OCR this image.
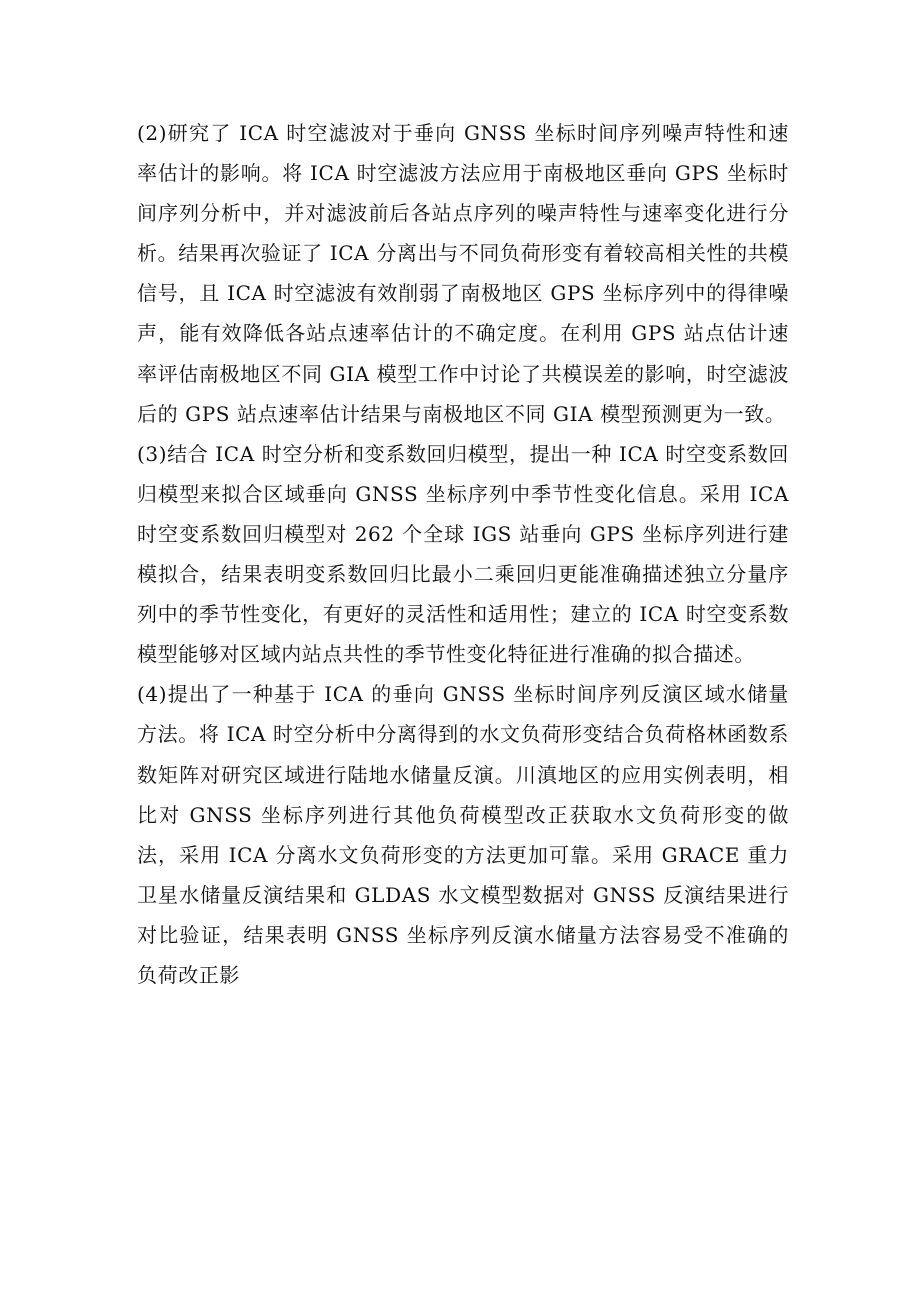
(2)研究了 ICA 时空滤波对于垂向 GNSS 坐标时间序列噪声特性和速率估计的影响。将 ICA 时空滤波方法应用于南极地区垂向 GPS 坐标时间序列分析中，并对滤波前后各站点序列的噪声特性与速率变化进行分析。结果再次验证了 ICA 分离出与不同负荷形变有着较高相关性的共模信号，且 ICA 时空滤波有效削弱了南极地区 GPS 坐标序列中的得律噪声，能有效降低各站点速率估计的不确定度。在利用 GPS 站点估计速率评估南极地区不同 GIA 模型工作中讨论了共模误差的影响，时空滤波后的 GPS 站点速率估计结果与南极地区不同 GIA 模型预测更为一致。

(3)结合 ICA 时空分析和变系数回归模型，提出一种 ICA 时空变系数回归模型来拟合区域垂向 GNSS 坐标序列中季节性变化信息。采用 ICA 时空变系数回归模型对 262 个全球 IGS 站垂向 GPS 坐标序列进行建模拟合，结果表明变系数回归比最小二乘回归更能准确描述独立分量序列中的季节性变化，有更好的灵活性和适用性；建立的 ICA 时空变系数模型能够对区域内站点共性的季节性变化特征进行准确的拟合描述。

(4)提出了一种基于 ICA 的垂向 GNSS 坐标时间序列反演区域水储量方法。将 ICA 时空分析中分离得到的水文负荷形变结合负荷格林函数系数矩阵对研究区域进行陆地水储量反演。川滇地区的应用实例表明，相比对 GNSS 坐标序列进行其他负荷模型改正获取水文负荷形变的做法，采用 ICA 分离水文负荷形变的方法更加可靠。采用 GRACE 重力卫星水储量反演结果和 GLDAS 水文模型数据对 GNSS 反演结果进行对比验证，结果表明 GNSS 坐标序列反演水储量方法容易受不准确的负荷改正影
